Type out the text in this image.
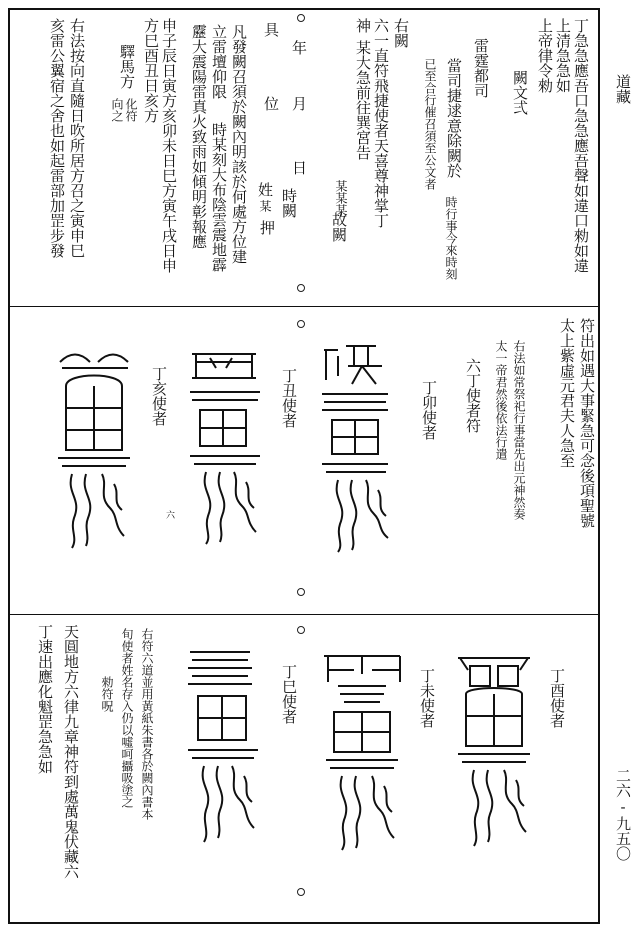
道藏
二六-九五〇
丁急急應吾口急急應吾聲如違口勑如違
上清急急如
上帝律令勑
闕文弍
雷霆都司
當司捷逑意除闕於
時行事今來時刻
已至合行催召須至公文者
右闕
六一直符飛捷使者天喜尊神掌丁
神
某大急前往巽宮告
某某某
故闕
年
月
日
時闕
姓
某
押
具
位
凡發闕召須於闕內明該於何處方位建
立雷壇仰限
時某刻大布陰雲震地霹
靂大震陽雷真火致雨如傾明彰報應
申子辰日寅方亥卯未日巳方寅午戌日申
方巳酉丑日亥方
驛馬方
化符
向之
右法按向直隨日吹所居方召之寅申巳
亥雷公翼宿之舍也如起雷部加罡步發
符出如遇大事緊急可念後項聖號
太上紫虛元君夫人急至
右法如常祭祀行事當先出元神然奏
太一帝君然後依法行遣
六丁使者符
丁卯使者
丁丑使者
丁亥使者
六
丁酉使者
丁未使者
丁巳使者
右符六道並用黃紙朱書各於闕內書本
旬使者姓名存入仍以噓呵攝吸塗之
勑符呪
天圓地方六律九章神符到處萬鬼伏藏六
丁速出應化魁罡急急如
